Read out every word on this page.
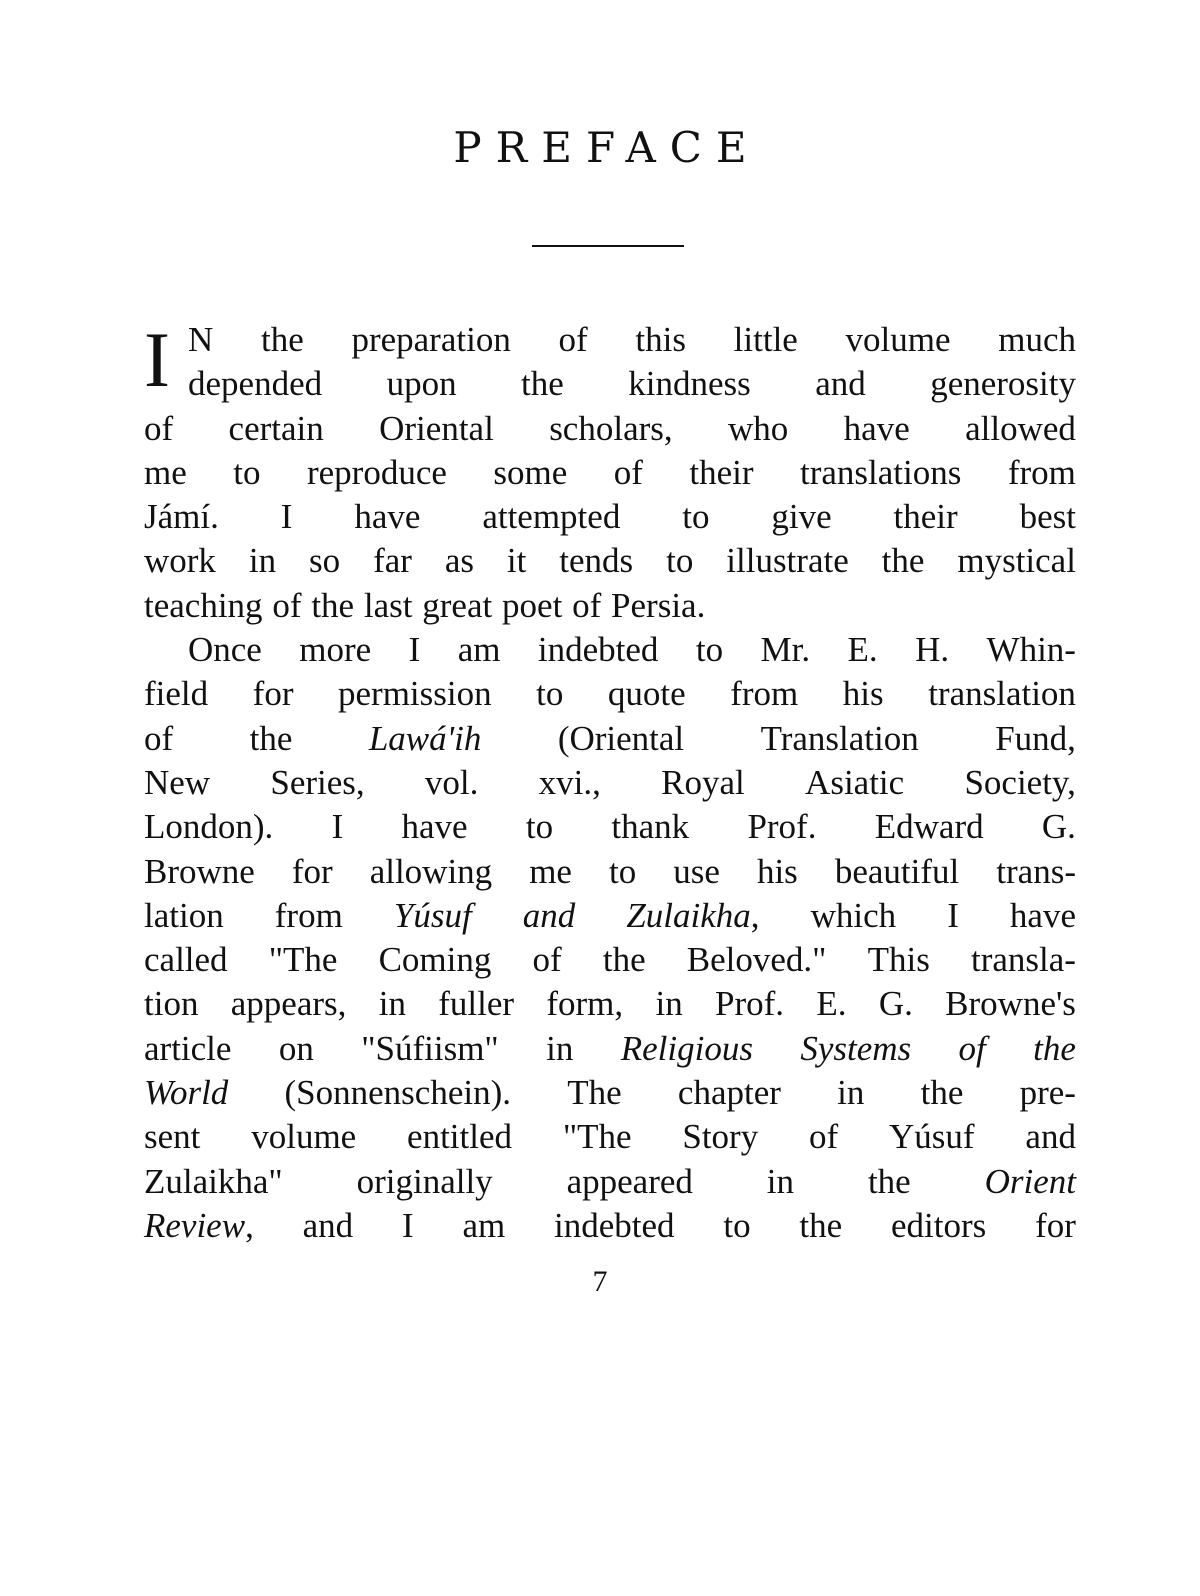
PREFACE
I N the preparation of this little volume much
depended upon the kindness and generosity
of certain Oriental scholars, who have allowed
me to reproduce some of their translations from
Jámí. I have attempted to give their best
work in so far as it tends to illustrate the mystical
teaching of the last great poet of Persia.
Once more I am indebted to Mr. E. H. Whin-
field for permission to quote from his translation
of the Lawá'ih (Oriental Translation Fund,
New Series, vol. xvi., Royal Asiatic Society,
London). I have to thank Prof. Edward G.
Browne for allowing me to use his beautiful trans-
lation from Yúsuf and Zulaikha, which I have
called "The Coming of the Beloved." This transla-
tion appears, in fuller form, in Prof. E. G. Browne's
article on "Súfiism" in Religious Systems of the
World (Sonnenschein). The chapter in the pre-
sent volume entitled "The Story of Yúsuf and
Zulaikha" originally appeared in the Orient
Review, and I am indebted to the editors for
7
